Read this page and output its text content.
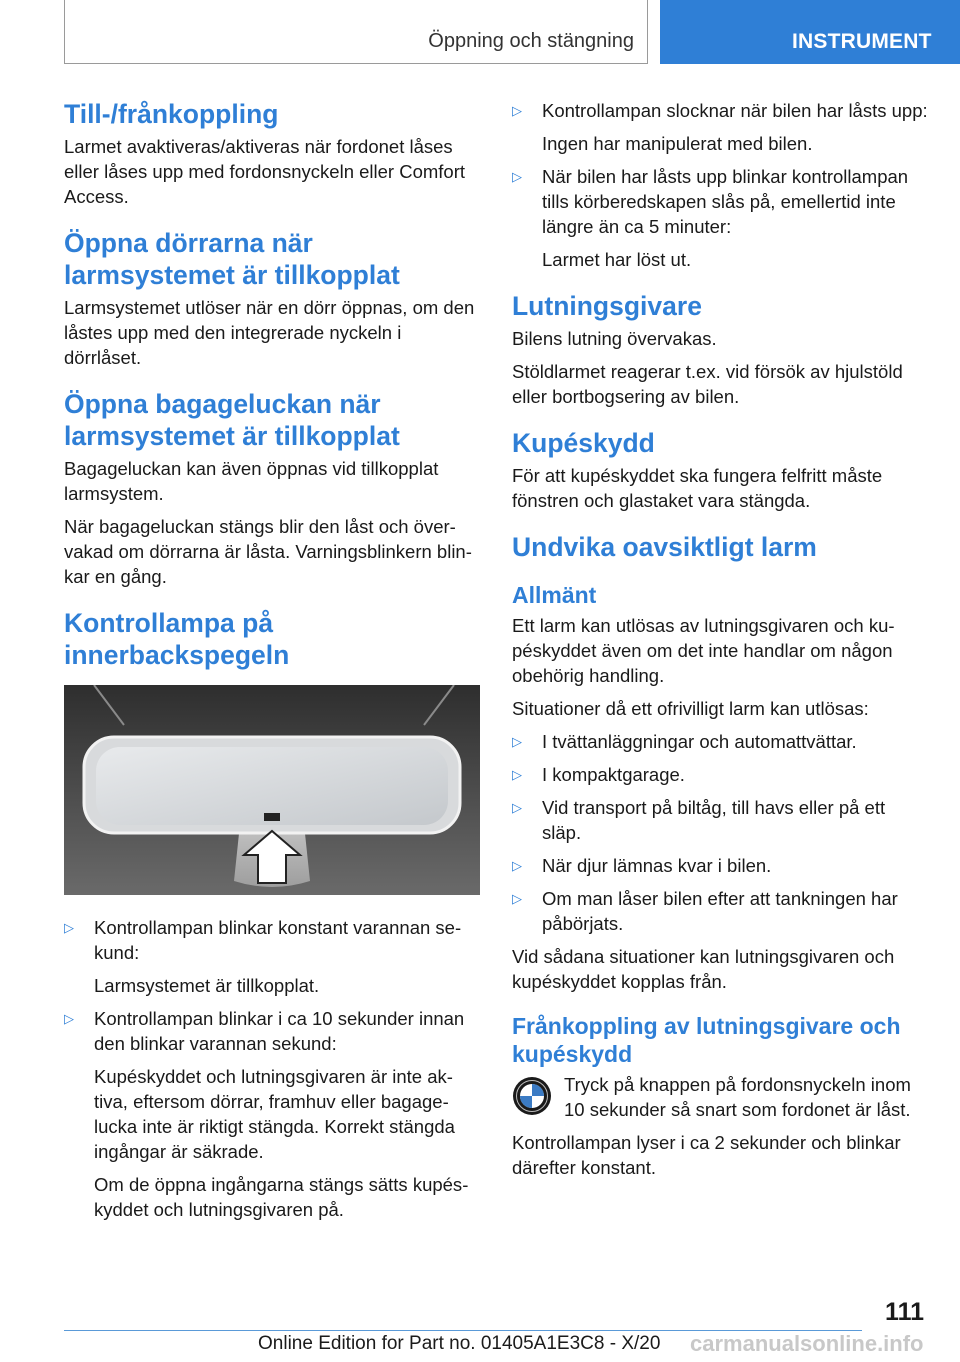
Öppning och stängning	INSTRUMENT
Till-/frånkoppling

Larmet avaktiveras/aktiveras när fordonet låses eller låses upp med fordonsnyckeln eller Comfort Access.

Öppna dörrarna när larmsystemet är tillkopplat

Larmsystemet utlöser när en dörr öppnas, om den låstes upp med den integrerade nyckeln i dörrlåset.

Öppna bagageluckan när larmsystemet är tillkopplat

Bagageluckan kan även öppnas vid tillkopplat larmsystem.

När bagageluckan stängs blir den låst och övervakad om dörrarna är låsta. Varningsblinkern blinkar en gång.

Kontrollampa på innerbackspegeln
▷ Kontrollampan blinkar konstant varannan sekund:

Larmsystemet är tillkopplat.

▷ Kontrollampan blinkar i ca 10 sekunder innan den blinkar varannan sekund:

Kupéskyddet och lutningsgivaren är inte aktiva, eftersom dörrar, framhuv eller bagagelucka inte är riktigt stängda. Korrekt stängda ingångar är säkrade.

Om de öppna ingångarna stängs sätts kupéskyddet och lutningsgivaren på.

▷ Kontrollampan slocknar när bilen har låsts upp:

Ingen har manipulerat med bilen.

▷ När bilen har låsts upp blinkar kontrollampan tills körberedskapen slås på, emellertid inte längre än ca 5 minuter:

Larmet har löst ut.

Lutningsgivare

Bilens lutning övervakas.

Stöldlarmet reagerar t.ex. vid försök av hjulstöld eller bortbogsering av bilen.

Kupéskydd

För att kupéskyddet ska fungera felfritt måste fönstren och glastaket vara stängda.

Undvika oavsiktligt larm
Allmänt

Ett larm kan utlösas av lutningsgivaren och kupéskyddet även om det inte handlar om någon obehörig handling.

Situationer då ett ofrivilligt larm kan utlösas:

▷ I tvättanläggningar och automattvättar.

▷ I kompaktgarage.

▷ Vid transport på biltåg, till havs eller på ett släp.

▷ När djur lämnas kvar i bilen.

▷ Om man låser bilen efter att tankningen har påbörjats.

Vid sådana situationer kan lutningsgivaren och kupéskyddet kopplas från.

Frånkoppling av lutningsgivare och kupéskydd

Tryck på knappen på fordonsnyckeln inom 10 sekunder så snart som fordonet är låst.

Kontrollampan lyser i ca 2 sekunder och blinkar därefter konstant.

111
Online Edition for Part no. 01405A1E3C8 - X/20 carmanualsonline.info
